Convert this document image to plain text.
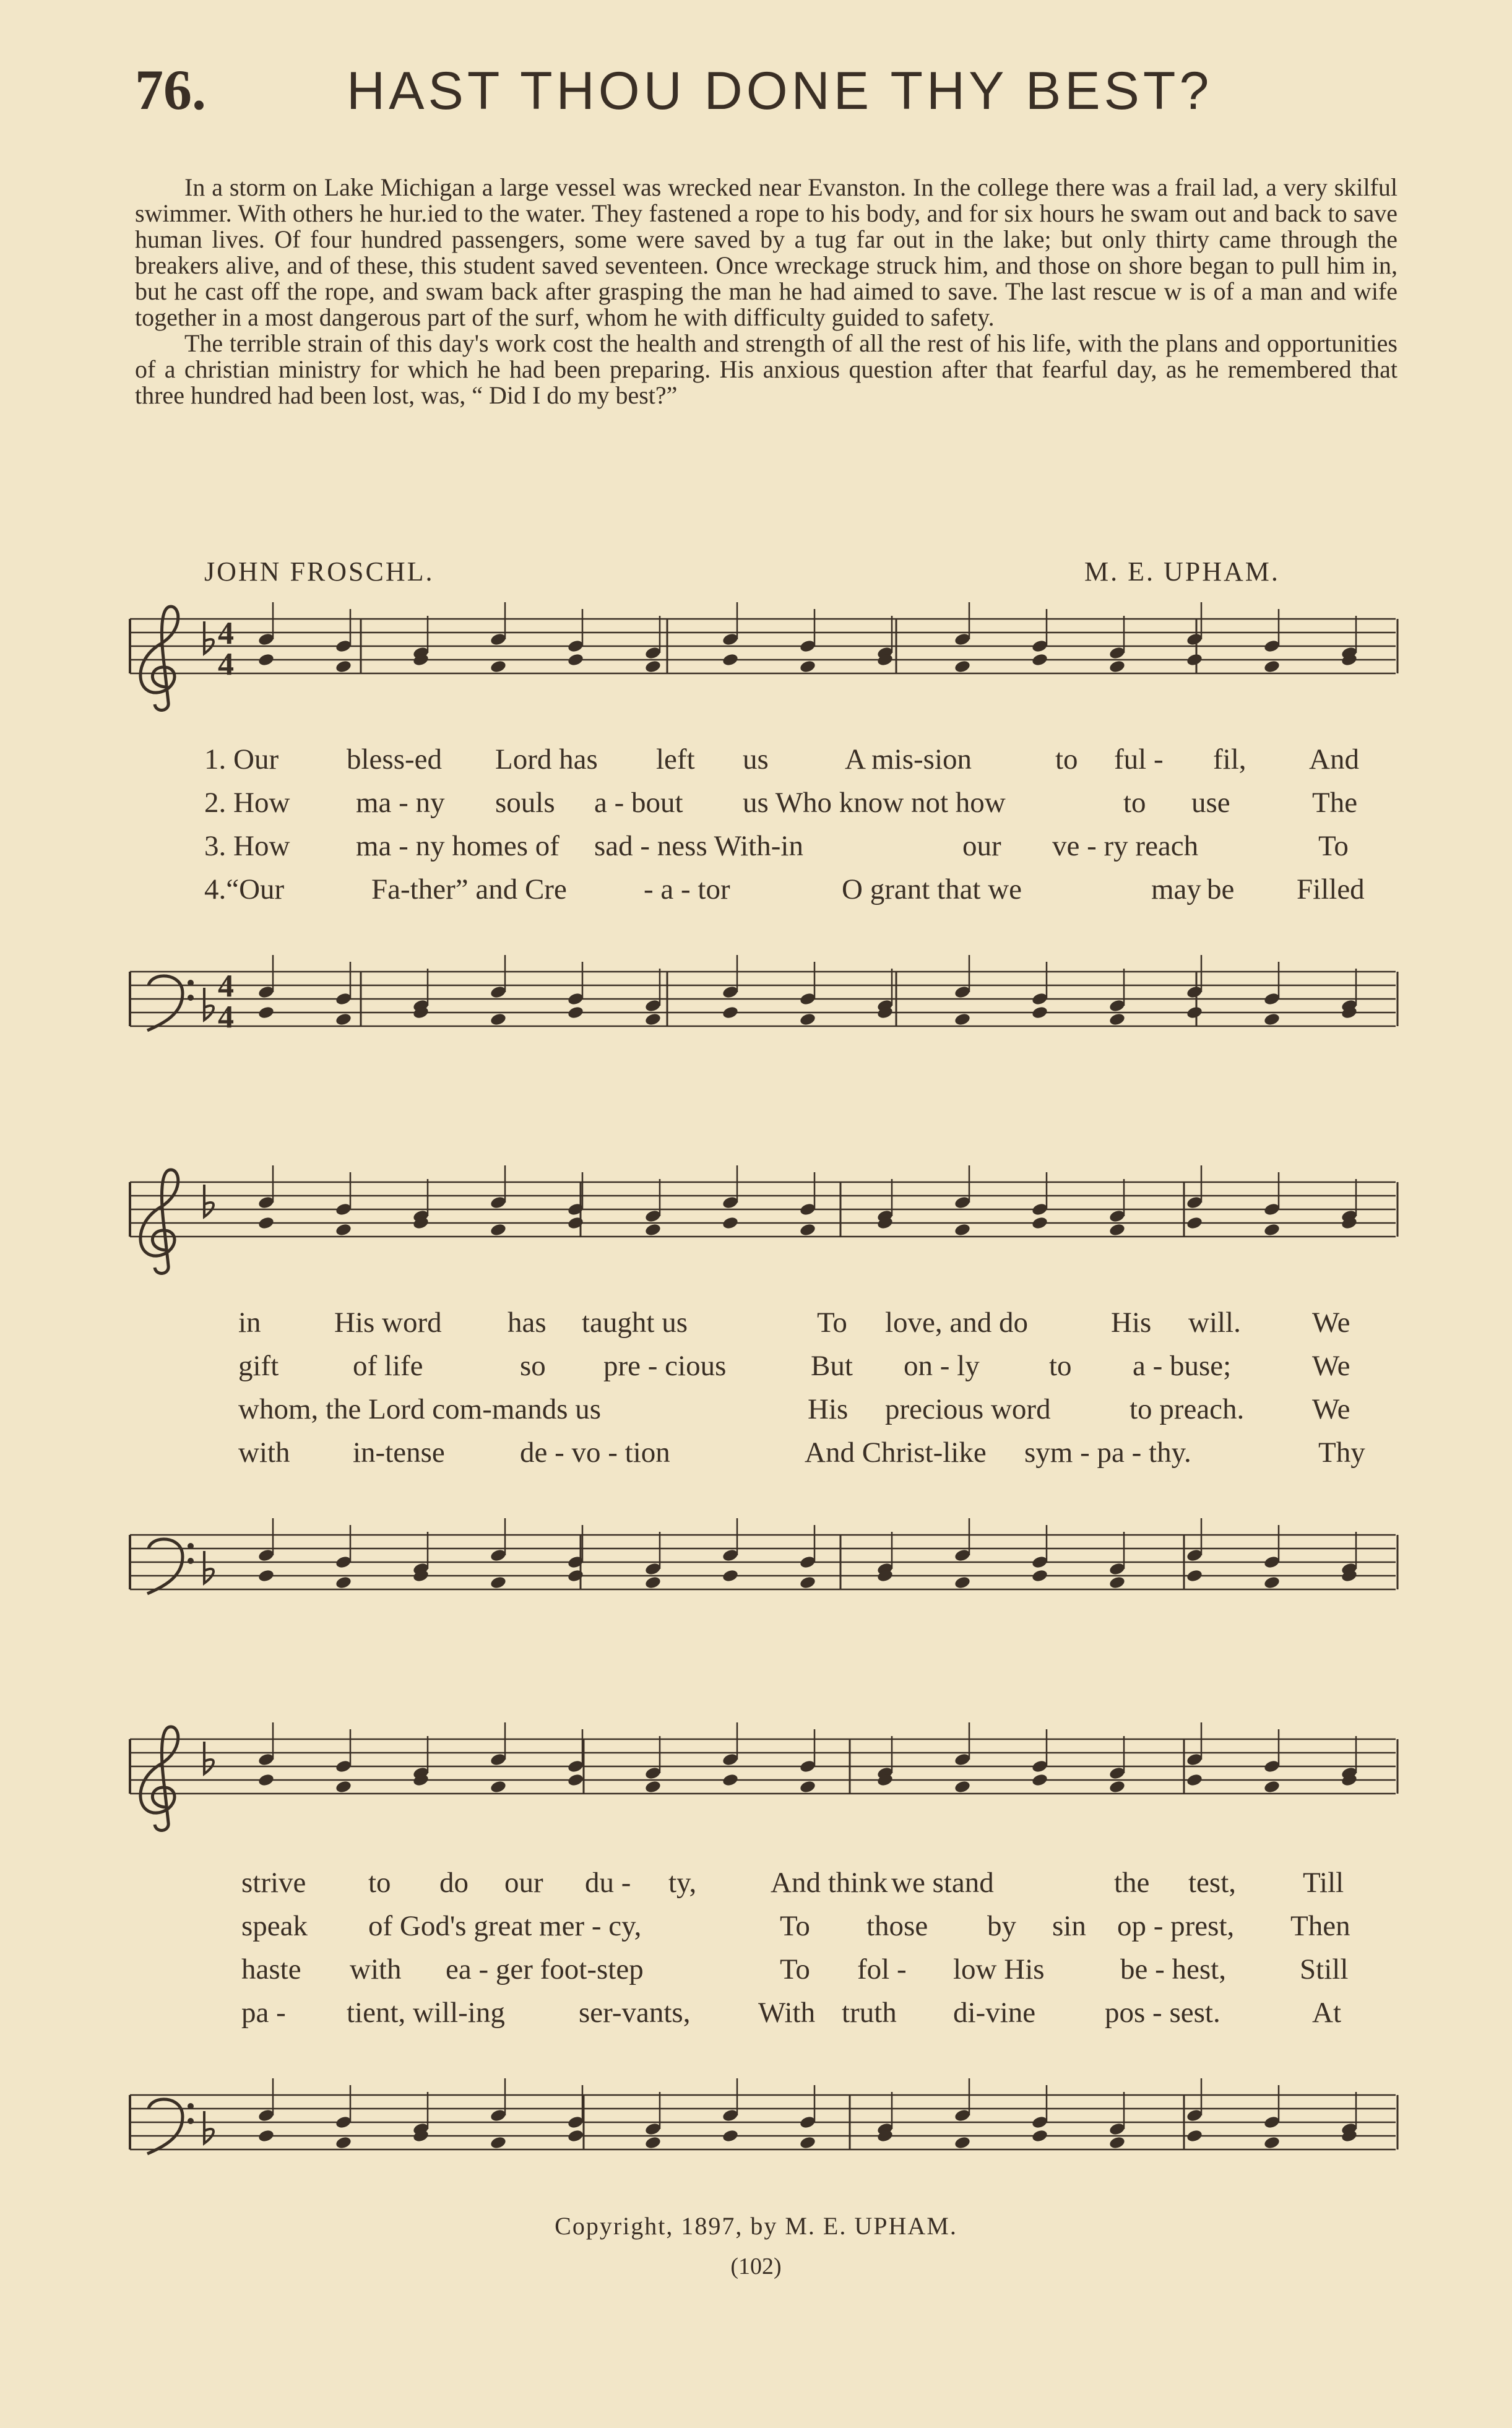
76.	HAST THOU DONE THY BEST?

In a storm on Lake Michigan a large vessel was wrecked near Evanston. In the college there was a frail lad, a very skilful swimmer. With others he hur.ied to the water. They fastened a rope to his body, and for six hours he swam out and back to save human lives. Of four hundred passengers, some were saved by a tug far out in the lake; but only thirty came through the breakers alive, and of these, this student saved seventeen. Once wreckage struck him, and those on shore began to pull him in, but he cast off the rope, and swam back after grasping the man he had aimed to save. The last rescue w is of a man and wife together in a most dangerous part of the surf, whom he with difficulty guided to safety.

The terrible strain of this day's work cost the health and strength of all the rest of his life, with the plans and opportunities of a christian ministry for which he had been preparing. His anxious question after that fearful day, as he remembered that three hundred had been lost, was, “ Did I do my best?”

JOHN FROSCHL.	M. E. UPHAM.
4
4
1. Our bless-ed Lord has left us	A mis-sion	to ful - fil, And
2. How ma - ny souls a - bout us Who know not how	to use	The
3. How ma - ny homes of sad - ness With-in	our ve - ry reach	To
4.“Our	Fa-ther” and Cre	- a - tor	O grant that we	may be Filled
4
4
in	His word has taught us	To love, and do	His will. We
gift	of life	so pre - cious	But on - ly to a - buse;	We
whom, the Lord com-mands us	His precious word	to preach. We
with in-tense	de - vo - tion	And Christ-like sym - pa - thy.	Thy
strive to do our du - ty,	And think we stand	the test, Till
speak of God's great mer - cy,	To those by sin op - prest, Then
haste with ea - ger foot-step	To fol - low His	be - hest,	Still
pa - tient, will-ing	ser-vants, With truth di-vine pos - sest.	At
Copyright, 1897, by M. E. UPHAM.
(102)
